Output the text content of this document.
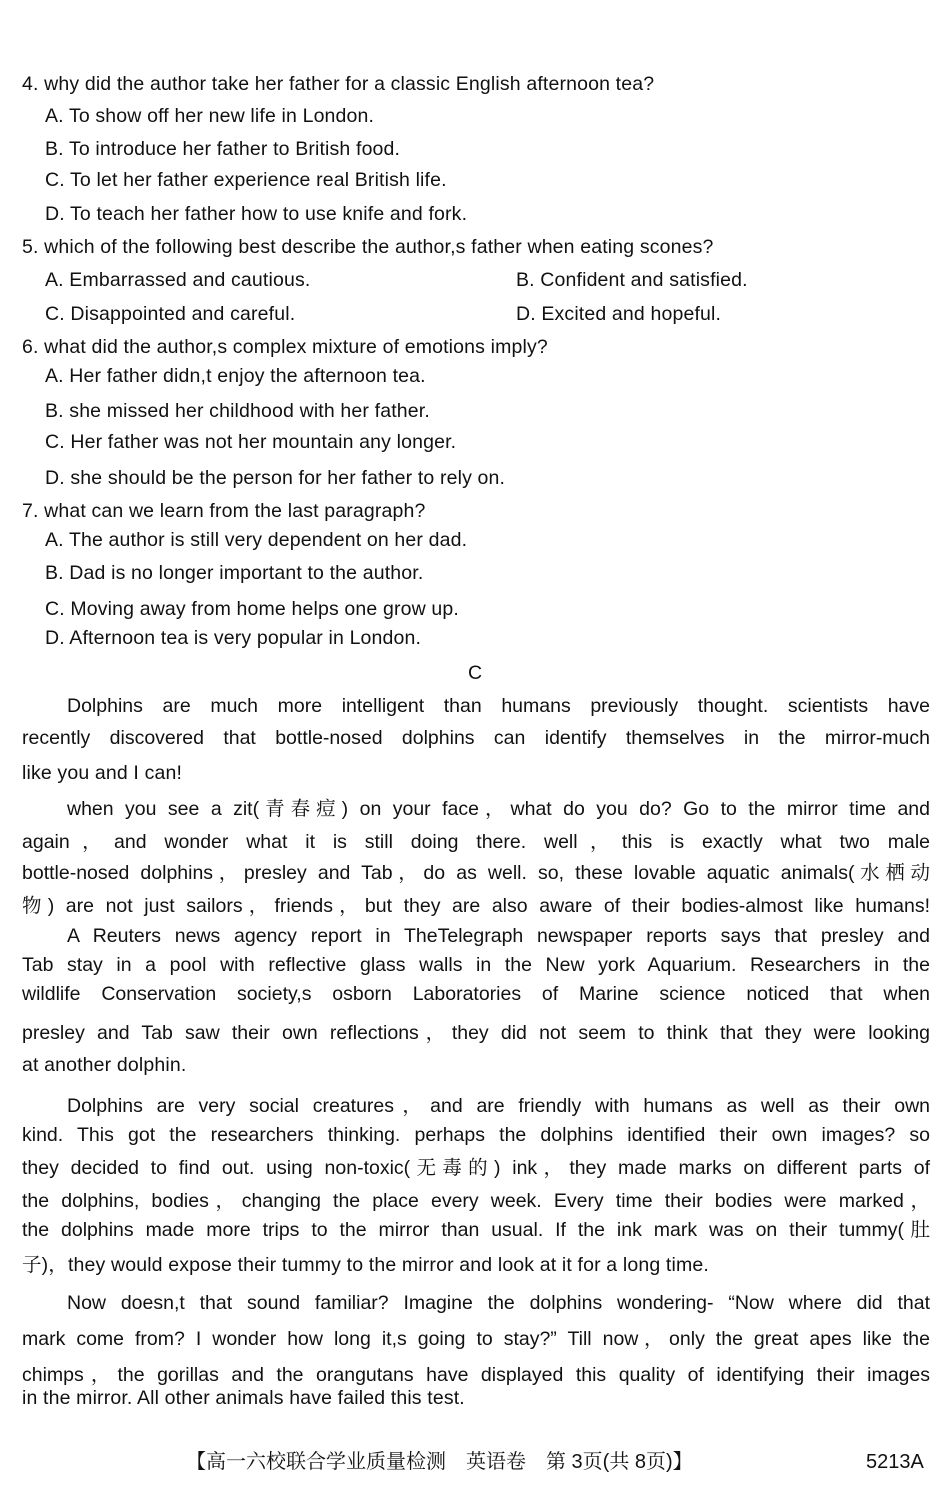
4. why did the author take her father for a classic English afternoon tea?
A. To show off her new life in London.
B. To introduce her father to British food.
C. To let her father experience real British life.
D. To teach her father how to use knife and fork.
5. which of the following best describe the author,s father when eating scones?
A. Embarrassed and cautious.	B. Confident and satisfied.
C. Disappointed and careful.	D. Excited and hopeful.
6. what did the author,s complex mixture of emotions imply?
A. Her father didn,t enjoy the afternoon tea.
B. she missed her childhood with her father.
C. Her father was not her mountain any longer.
D. she should be the person for her father to rely on.
7. what can we learn from the last paragraph?
A. The author is still very dependent on her dad.
B. Dad is no longer important to the author.
C. Moving away from home helps one grow up.
D. Afternoon tea is very popular in London.
C
Dolphins are much more intelligent than humans previously thought. scientists have
recently discovered that bottle-nosed dolphins can identify themselves in the mirror-much
like you and I can!
when you see a zit(青春痘) on your face，what do you do? Go to the mirror time and
again，and wonder what it is still doing there. well，this is exactly what two male
bottle-nosed dolphins，presley and Tab，do as well. so, these lovable aquatic animals(水栖动
物) are not just sailors，friends，but they are also aware of their bodies-almost like humans!
A Reuters news agency report in TheTelegraph newspaper reports says that presley and
Tab stay in a pool with reflective glass walls in the New york Aquarium. Researchers in the
wildlife Conservation society,s osborn Laboratories of Marine science noticed that when
presley and Tab saw their own reflections，they did not seem to think that they were looking
at another dolphin.
Dolphins are very social creatures，and are friendly with humans as well as their own
kind. This got the researchers thinking. perhaps the dolphins identified their own images? so
they decided to find out. using non-toxic(无毒的) ink，they made marks on different parts of
the dolphins, bodies，changing the place every week. Every time their bodies were marked，
the dolphins made more trips to the mirror than usual. If the ink mark was on their tummy(肚
子)，they would expose their tummy to the mirror and look at it for a long time.
Now doesn,t that sound familiar? Imagine the dolphins wondering- “Now where did that
mark come from? I wonder how long it,s going to stay?” Till now，only the great apes like the
chimps，the gorillas and the orangutans have displayed this quality of identifying their images
in the mirror. All other animals have failed this test.
【高一六校联合学业质量检测　英语卷　第 3页(共 8页)】	5213A
